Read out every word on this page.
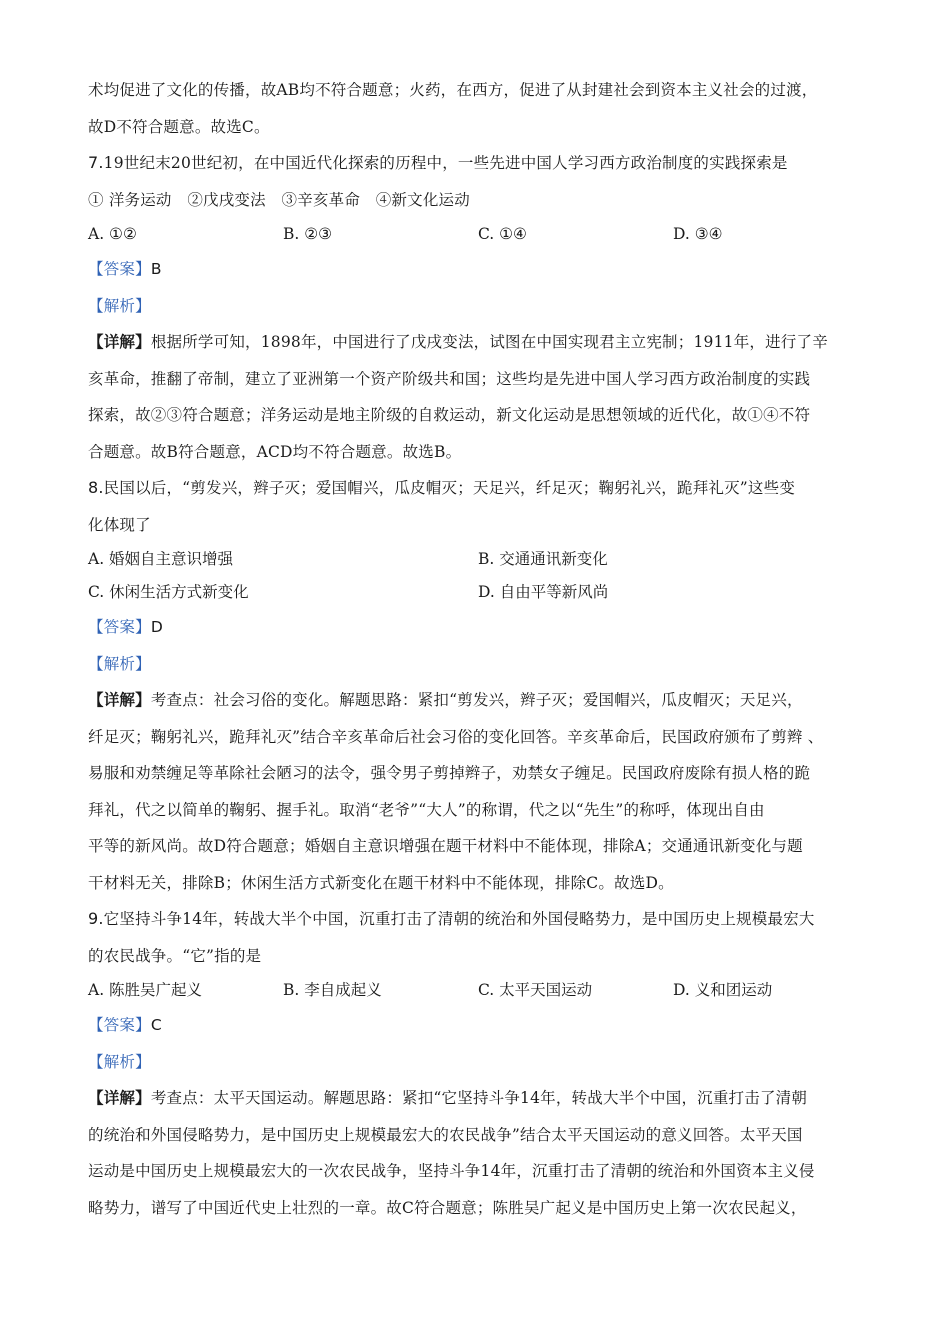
术均促进了文化的传播，故AB均不符合题意；火药，在西方，促进了从封建社会到资本主义社会的过渡，
故D不符合题意。故选C。
7.19世纪末20世纪初，在中国近代化探索的历程中，一些先进中国人学习西方政治制度的实践探索是
① 洋务运动　②戊戌变法　③辛亥革命　④新文化运动
A. ①②	B. ②③	C. ①④	D. ③④
【答案】B
【解析】
【详解】根据所学可知，1898年，中国进行了戊戌变法，试图在中国实现君主立宪制；1911年，进行了辛
亥革命，推翻了帝制，建立了亚洲第一个资产阶级共和国；这些均是先进中国人学习西方政治制度的实践
探索，故②③符合题意；洋务运动是地主阶级的自救运动，新文化运动是思想领域的近代化，故①④不符
合题意。故B符合题意，ACD均不符合题意。故选B。
8.民国以后，“剪发兴，辫子灭；爱国帽兴，瓜皮帽灭；天足兴，纤足灭；鞠躬礼兴，跪拜礼灭”这些变
化体现了
A. 婚姻自主意识增强	B. 交通通讯新变化
C. 休闲生活方式新变化	D. 自由平等新风尚
【答案】D
【解析】
【详解】考查点：社会习俗的变化。解题思路：紧扣“剪发兴，辫子灭；爱国帽兴，瓜皮帽灭；天足兴，
纤足灭；鞠躬礼兴，跪拜礼灭”结合辛亥革命后社会习俗的变化回答。辛亥革命后，民国政府颁布了剪辫 、
易服和劝禁缠足等革除社会陋习的法令，强令男子剪掉辫子，劝禁女子缠足。民国政府废除有损人格的跪
拜礼，代之以简单的鞠躬、握手礼。取消“老爷”“大人”的称谓，代之以“先生”的称呼，体现出自由
平等的新风尚。故D符合题意；婚姻自主意识增强在题干材料中不能体现，排除A；交通通讯新变化与题
干材料无关，排除B；休闲生活方式新变化在题干材料中不能体现，排除C。故选D。
9.它坚持斗争14年，转战大半个中国，沉重打击了清朝的统治和外国侵略势力，是中国历史上规模最宏大
的农民战争。“它”指的是
A. 陈胜吴广起义	B. 李自成起义	C. 太平天国运动	D. 义和团运动
【答案】C
【解析】
【详解】考查点：太平天国运动。解题思路：紧扣“它坚持斗争14年，转战大半个中国，沉重打击了清朝
的统治和外国侵略势力，是中国历史上规模最宏大的农民战争”结合太平天国运动的意义回答。太平天国
运动是中国历史上规模最宏大的一次农民战争，坚持斗争14年，沉重打击了清朝的统治和外国资本主义侵
略势力，谱写了中国近代史上壮烈的一章。故C符合题意；陈胜吴广起义是中国历史上第一次农民起义，
